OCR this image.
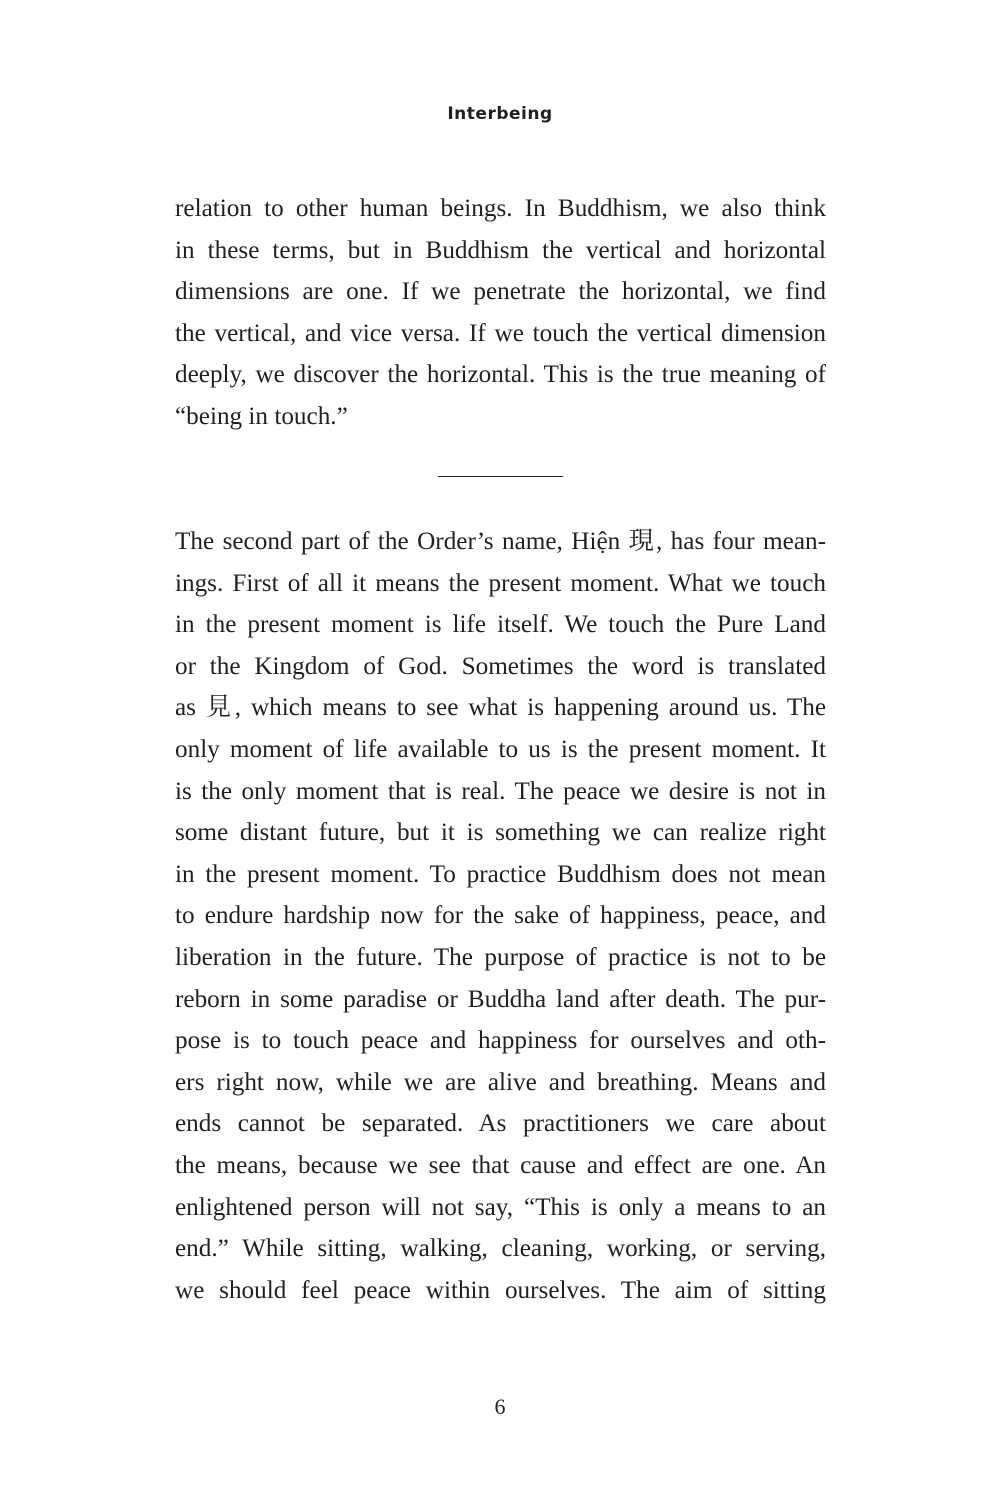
Interbeing
relation to other human beings. In Buddhism, we also think
in these terms, but in Buddhism the vertical and horizontal
dimensions are one. If we penetrate the horizontal, we find
the vertical, and vice versa. If we touch the vertical dimension
deeply, we discover the horizontal. This is the true meaning of
“being in touch.”
The second part of the Order’s name, Hiện 現, has four mean-
ings. First of all it means the present moment. What we touch
in the present moment is life itself. We touch the Pure Land
or the Kingdom of God. Sometimes the word is translated
as 見, which means to see what is happening around us. The
only moment of life available to us is the present moment. It
is the only moment that is real. The peace we desire is not in
some distant future, but it is something we can realize right
in the present moment. To practice Buddhism does not mean
to endure hardship now for the sake of happiness, peace, and
liberation in the future. The purpose of practice is not to be
reborn in some paradise or Buddha land after death. The pur-
pose is to touch peace and happiness for ourselves and oth-
ers right now, while we are alive and breathing. Means and
ends cannot be separated. As practitioners we care about
the means, because we see that cause and effect are one. An
enlightened person will not say, “This is only a means to an
end.” While sitting, walking, cleaning, working, or serving,
we should feel peace within ourselves. The aim of sitting
6
